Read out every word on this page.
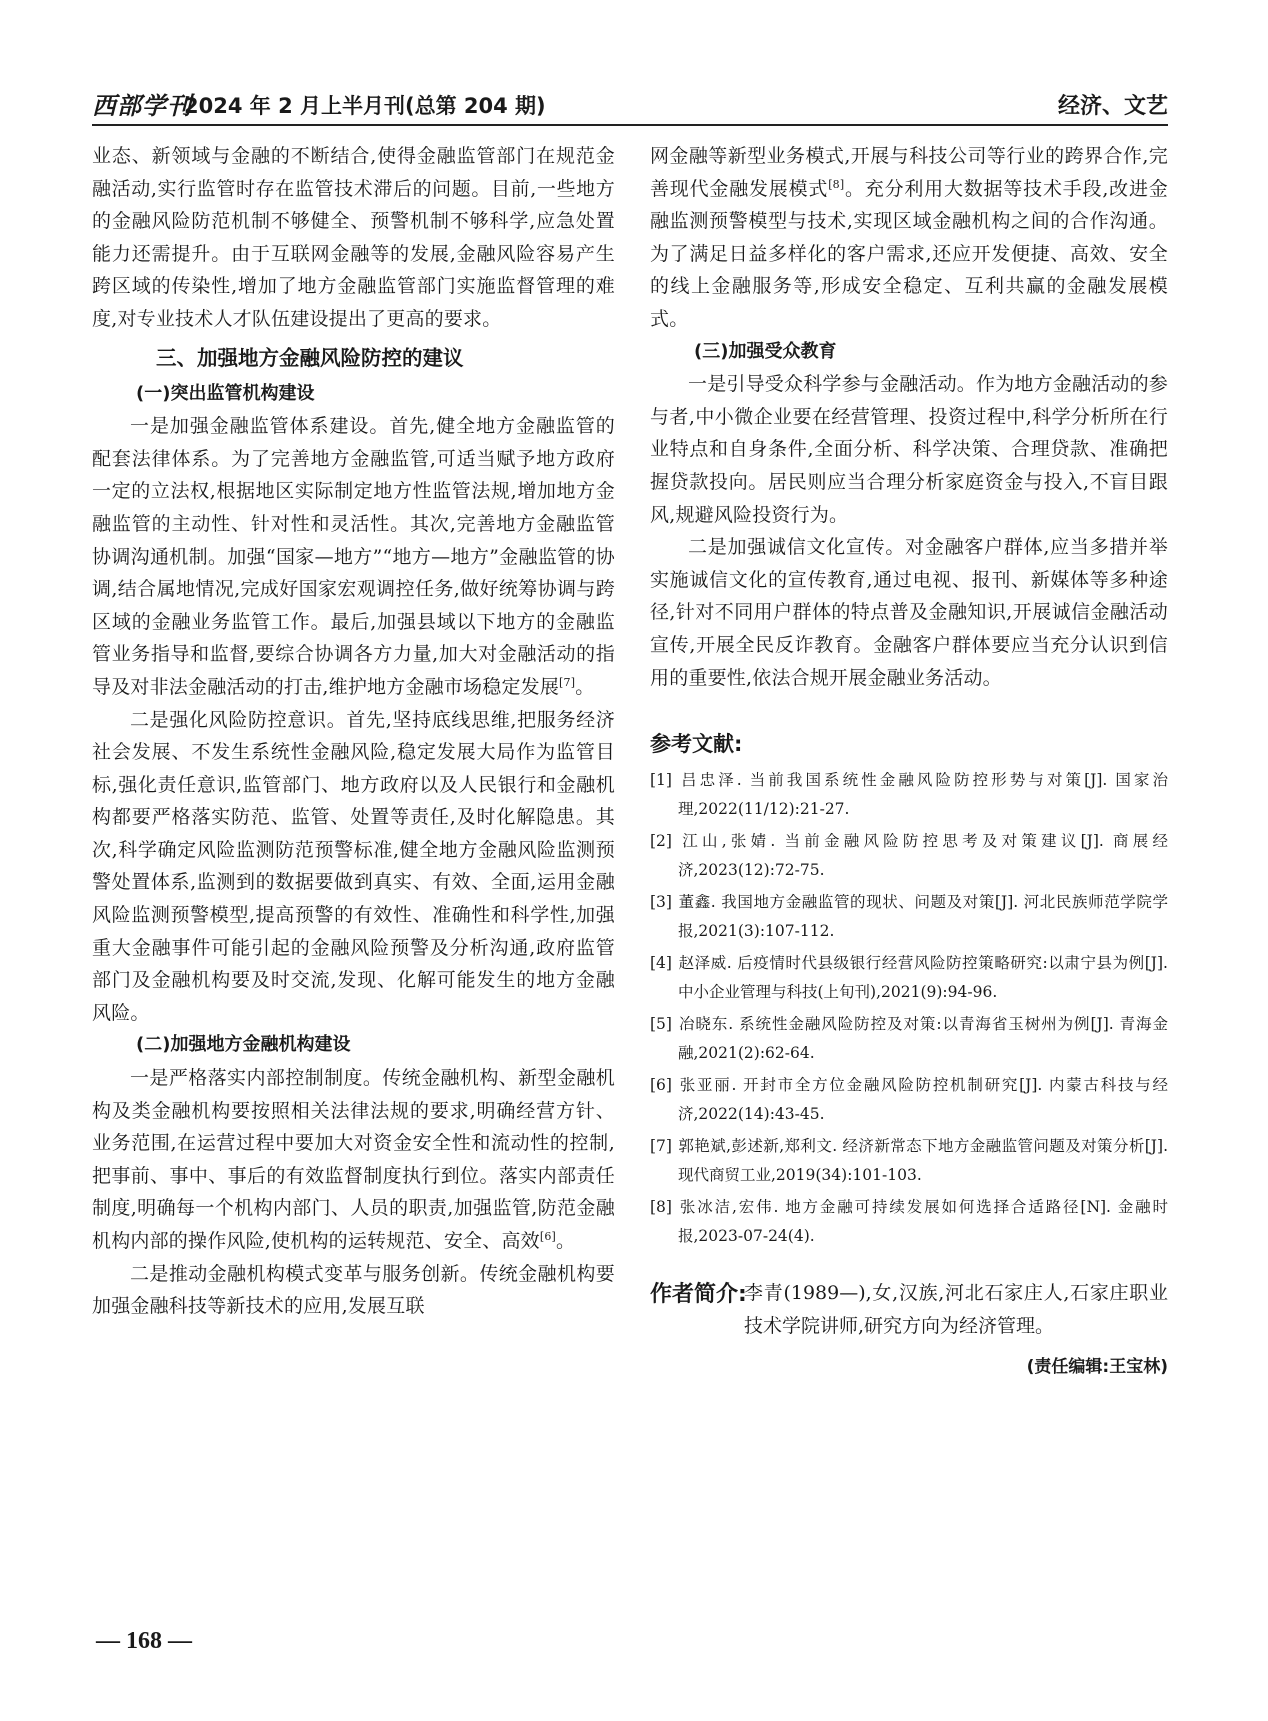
西部学刊
2024 年 2 月上半月刊(总第 204 期)	经济、文艺

业态、新领域与金融的不断结合,使得金融监管部门在规范金融活动,实行监管时存在监管技术滞后的问题。目前,一些地方的金融风险防范机制不够健全、预警机制不够科学,应急处置能力还需提升。由于互联网金融等的发展,金融风险容易产生跨区域的传染性,增加了地方金融监管部门实施监督管理的难度,对专业技术人才队伍建设提出了更高的要求。

三、加强地方金融风险防控的建议
(一)突出监管机构建设

一是加强金融监管体系建设。首先,健全地方金融监管的配套法律体系。为了完善地方金融监管,可适当赋予地方政府一定的立法权,根据地区实际制定地方性监管法规,增加地方金融监管的主动性、针对性和灵活性。其次,完善地方金融监管协调沟通机制。加强“国家—地方”“地方—地方”金融监管的协调,结合属地情况,完成好国家宏观调控任务,做好统筹协调与跨区域的金融业务监管工作。最后,加强县域以下地方的金融监管业务指导和监督,要综合协调各方力量,加大对金融活动的指导及对非法金融活动的打击,维护地方金融市场稳定发展[7]。

二是强化风险防控意识。首先,坚持底线思维,把服务经济社会发展、不发生系统性金融风险,稳定发展大局作为监管目标,强化责任意识,监管部门、地方政府以及人民银行和金融机构都要严格落实防范、监管、处置等责任,及时化解隐患。其次,科学确定风险监测防范预警标准,健全地方金融风险监测预警处置体系,监测到的数据要做到真实、有效、全面,运用金融风险监测预警模型,提高预警的有效性、准确性和科学性,加强重大金融事件可能引起的金融风险预警及分析沟通,政府监管部门及金融机构要及时交流,发现、化解可能发生的地方金融风险。

(二)加强地方金融机构建设

一是严格落实内部控制制度。传统金融机构、新型金融机构及类金融机构要按照相关法律法规的要求,明确经营方针、业务范围,在运营过程中要加大对资金安全性和流动性的控制,把事前、事中、事后的有效监督制度执行到位。落实内部责任制度,明确每一个机构内部门、人员的职责,加强监管,防范金融机构内部的操作风险,使机构的运转规范、安全、高效[6]。

二是推动金融机构模式变革与服务创新。传统金融机构要加强金融科技等新技术的应用,发展互联

网金融等新型业务模式,开展与科技公司等行业的跨界合作,完善现代金融发展模式[8]。充分利用大数据等技术手段,改进金融监测预警模型与技术,实现区域金融机构之间的合作沟通。为了满足日益多样化的客户需求,还应开发便捷、高效、安全的线上金融服务等,形成安全稳定、互利共赢的金融发展模式。

(三)加强受众教育

一是引导受众科学参与金融活动。作为地方金融活动的参与者,中小微企业要在经营管理、投资过程中,科学分析所在行业特点和自身条件,全面分析、科学决策、合理贷款、准确把握贷款投向。居民则应当合理分析家庭资金与投入,不盲目跟风,规避风险投资行为。

二是加强诚信文化宣传。对金融客户群体,应当多措并举实施诚信文化的宣传教育,通过电视、报刊、新媒体等多种途径,针对不同用户群体的特点普及金融知识,开展诚信金融活动宣传,开展全民反诈教育。金融客户群体要应当充分认识到信用的重要性,依法合规开展金融业务活动。

参考文献:

[1] 吕忠泽. 当前我国系统性金融风险防控形势与对策[J]. 国家治理,2022(11/12):21-27.

[2] 江山,张婧. 当前金融风险防控思考及对策建议[J]. 商展经济,2023(12):72-75.

[3] 董鑫. 我国地方金融监管的现状、问题及对策[J]. 河北民族师范学院学报,2021(3):107-112.

[4] 赵泽威. 后疫情时代县级银行经营风险防控策略研究:以肃宁县为例[J]. 中小企业管理与科技(上旬刊),2021(9):94-96.

[5] 冶晓东. 系统性金融风险防控及对策:以青海省玉树州为例[J]. 青海金融,2021(2):62-64.

[6] 张亚丽. 开封市全方位金融风险防控机制研究[J]. 内蒙古科技与经济,2022(14):43-45.

[7] 郭艳斌,彭述新,郑利文. 经济新常态下地方金融监管问题及对策分析[J]. 现代商贸工业,2019(34):101-103.

[8] 张冰洁,宏伟. 地方金融可持续发展如何选择合适路径[N]. 金融时报,2023-07-24(4).

作者简介:
李青(1989—),女,汉族,河北石家庄人,石家庄职业技术学院讲师,研究方向为经济管理。
(责任编辑:王宝林)
— 168 —
